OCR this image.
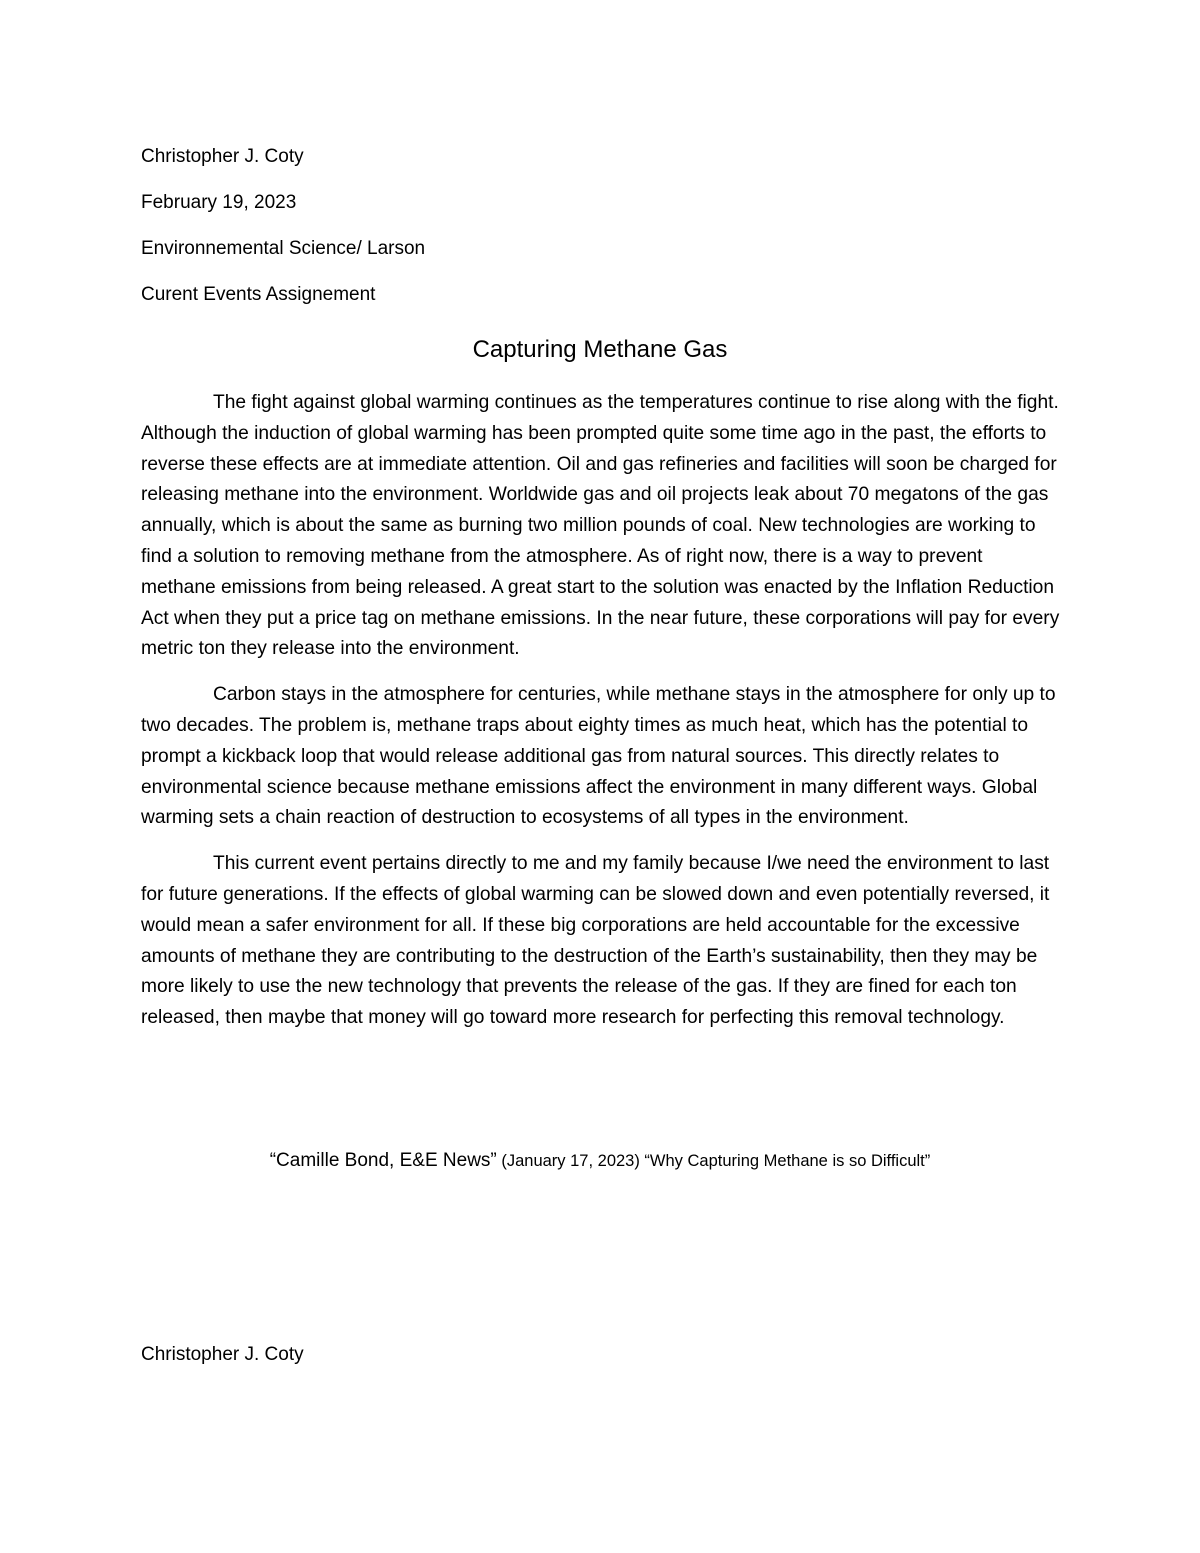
Christopher J. Coty
February 19, 2023
Environnemental Science/ Larson
Curent Events Assignement
Capturing Methane Gas

The fight against global warming continues as the temperatures continue to rise along with the fight. Although the induction of global warming has been prompted quite some time ago in the past, the efforts to reverse these effects are at immediate attention. Oil and gas refineries and facilities will soon be charged for releasing methane into the environment. Worldwide gas and oil projects leak about 70 megatons of the gas annually, which is about the same as burning two million pounds of coal. New technologies are working to find a solution to removing methane from the atmosphere. As of right now, there is a way to prevent methane emissions from being released. A great start to the solution was enacted by the Inflation Reduction Act when they put a price tag on methane emissions. In the near future, these corporations will pay for every metric ton they release into the environment.

Carbon stays in the atmosphere for centuries, while methane stays in the atmosphere for only up to two decades. The problem is, methane traps about eighty times as much heat, which has the potential to prompt a kickback loop that would release additional gas from natural sources. This directly relates to environmental science because methane emissions affect the environment in many different ways. Global warming sets a chain reaction of destruction to ecosystems of all types in the environment.

This current event pertains directly to me and my family because I/we need the environment to last for future generations. If the effects of global warming can be slowed down and even potentially reversed, it would mean a safer environment for all. If these big corporations are held accountable for the excessive amounts of methane they are contributing to the destruction of the Earth’s sustainability, then they may be more likely to use the new technology that prevents the release of the gas. If they are fined for each ton released, then maybe that money will go toward more research for perfecting this removal technology.

“Camille Bond, E&E News” (January 17, 2023) “Why Capturing Methane is so Difficult”
Christopher J. Coty
